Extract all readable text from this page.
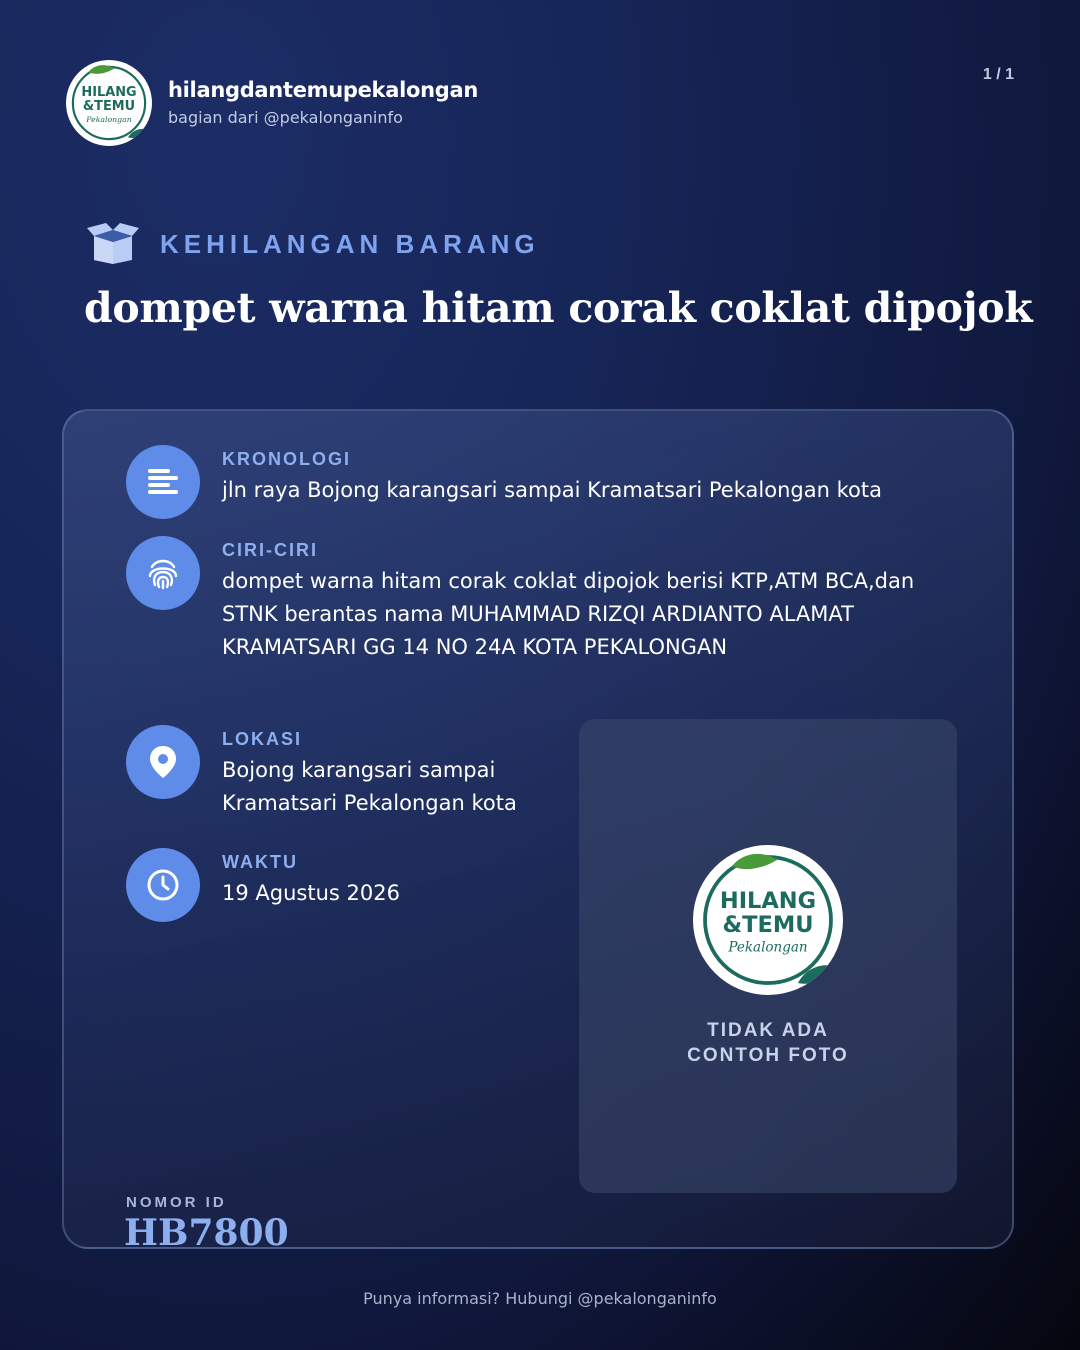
HILANG
&TEMU
Pekalongan
hilangdantemupekalongan
bagian dari @pekalonganinfo
1 / 1
KEHILANGAN BARANG
dompet warna hitam corak coklat dipojok
KRONOLOGI
jln raya Bojong karangsari sampai Kramatsari Pekalongan kota
CIRI-CIRI
dompet warna hitam corak coklat dipojok berisi KTP,ATM BCA,dan STNK berantas nama MUHAMMAD RIZQI ARDIANTO ALAMAT KRAMATSARI GG 14 NO 24A KOTA PEKALONGAN
LOKASI
Bojong karangsari sampai Kramatsari Pekalongan kota
WAKTU
19 Agustus 2026	HILANG
&TEMU
Pekalongan
TIDAK ADA CONTOH FOTO
NOMOR ID
HB7800
Punya informasi? Hubungi @pekalonganinfo
